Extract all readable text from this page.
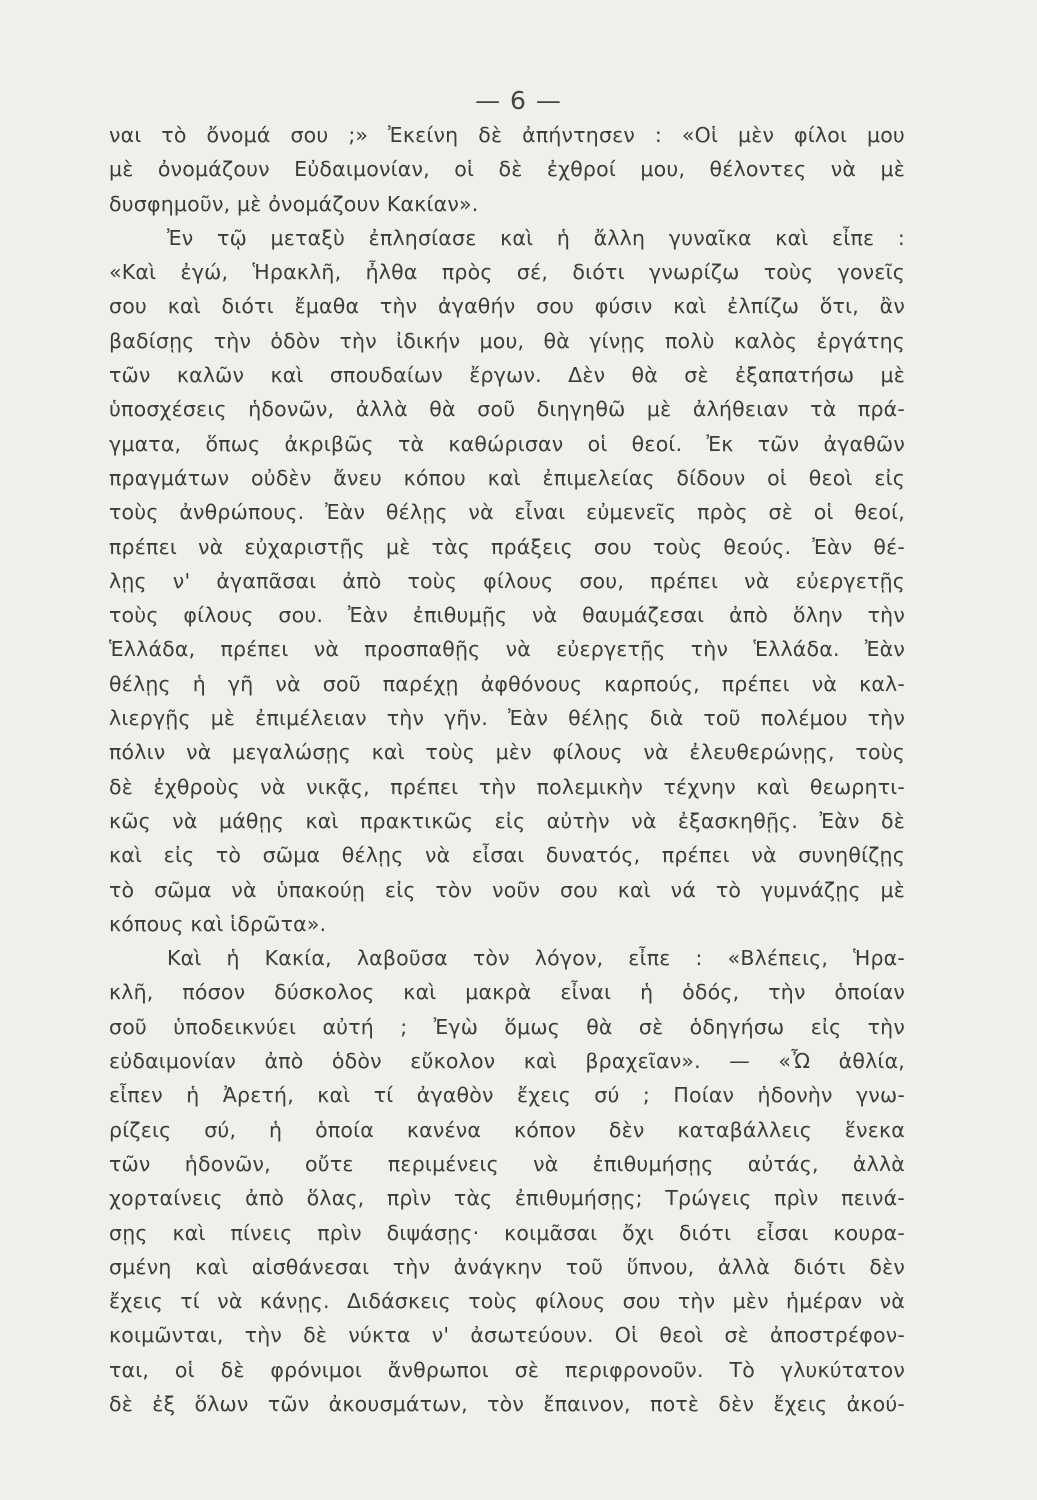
— 6 —
ναι τὸ ὄνομά σου ;» Ἐκείνη δὲ ἀπήντησεν : «Οἱ μὲν φίλοι μου
μὲ ὀνομάζουν Εὐδαιμονίαν, οἱ δὲ ἐχθροί μου, θέλοντες νὰ μὲ
δυσφημοῦν, μὲ ὀνομάζουν Κακίαν».
Ἐν τῷ μεταξὺ ἐπλησίασε καὶ ἡ ἄλλη γυναῖκα καὶ εἶπε :
«Καὶ ἐγώ, Ἡρακλῆ, ἦλθα πρὸς σέ, διότι γνωρίζω τοὺς γονεῖς
σου καὶ διότι ἔμαθα τὴν ἀγαθήν σου φύσιν καὶ ἐλπίζω ὅτι, ἂν
βαδίσῃς τὴν ὁδὸν τὴν ἰδικήν μου, θὰ γίνῃς πολὺ καλὸς ἐργάτης
τῶν καλῶν καὶ σπουδαίων ἔργων. Δὲν θὰ σὲ ἐξαπατήσω μὲ
ὑποσχέσεις ἡδονῶν, ἀλλὰ θὰ σοῦ διηγηθῶ μὲ ἀλήθειαν τὰ πρά-
γματα, ὅπως ἀκριβῶς τὰ καθώρισαν οἱ θεοί. Ἐκ τῶν ἀγαθῶν
πραγμάτων οὐδὲν ἄνευ κόπου καὶ ἐπιμελείας δίδουν οἱ θεοὶ εἰς
τοὺς ἀνθρώπους. Ἐὰν θέλῃς νὰ εἶναι εὐμενεῖς πρὸς σὲ οἱ θεοί,
πρέπει νὰ εὐχαριστῇς μὲ τὰς πράξεις σου τοὺς θεούς. Ἐὰν θέ-
λῃς ν' ἀγαπᾶσαι ἀπὸ τοὺς φίλους σου, πρέπει νὰ εὐεργετῇς
τοὺς φίλους σου. Ἐὰν ἐπιθυμῇς νὰ θαυμάζεσαι ἀπὸ ὅλην τὴν
Ἑλλάδα, πρέπει νὰ προσπαθῇς νὰ εὐεργετῇς τὴν Ἑλλάδα. Ἐὰν
θέλῃς ἡ γῆ νὰ σοῦ παρέχῃ ἀφθόνους καρπούς, πρέπει νὰ καλ-
λιεργῇς μὲ ἐπιμέλειαν τὴν γῆν. Ἐὰν θέλῃς διὰ τοῦ πολέμου τὴν
πόλιν νὰ μεγαλώσῃς καὶ τοὺς μὲν φίλους νὰ ἐλευθερώνῃς, τοὺς
δὲ ἐχθροὺς νὰ νικᾷς, πρέπει τὴν πολεμικὴν τέχνην καὶ θεωρητι-
κῶς νὰ μάθῃς καὶ πρακτικῶς εἰς αὐτὴν νὰ ἐξασκηθῇς. Ἐὰν δὲ
καὶ εἰς τὸ σῶμα θέλῃς νὰ εἶσαι δυνατός, πρέπει νὰ συνηθίζῃς
τὸ σῶμα νὰ ὑπακούῃ εἰς τὸν νοῦν σου καὶ νά τὸ γυμνάζῃς μὲ
κόπους καὶ ἱδρῶτα».
Καὶ ἡ Κακία, λαβοῦσα τὸν λόγον, εἶπε : «Βλέπεις, Ἡρα-
κλῆ, πόσον δύσκολος καὶ μακρὰ εἶναι ἡ ὁδός, τὴν ὁποίαν
σοῦ ὑποδεικνύει αὐτή ; Ἐγὼ ὅμως θὰ σὲ ὁδηγήσω εἰς τὴν
εὐδαιμονίαν ἀπὸ ὁδὸν εὔκολον καὶ βραχεῖαν». — «Ὦ ἀθλία,
εἶπεν ἡ Ἀρετή, καὶ τί ἀγαθὸν ἔχεις σύ ; Ποίαν ἡδονὴν γνω-
ρίζεις σύ, ἡ ὁποία κανένα κόπον δὲν καταβάλλεις ἕνεκα
τῶν ἡδονῶν, οὔτε περιμένεις νὰ ἐπιθυμήσῃς αὐτάς, ἀλλὰ
χορταίνεις ἀπὸ ὅλας, πρὶν τὰς ἐπιθυμήσῃς; Τρώγεις πρὶν πεινά-
σῃς καὶ πίνεις πρὶν διψάσῃς· κοιμᾶσαι ὄχι διότι εἶσαι κουρα-
σμένη καὶ αἰσθάνεσαι τὴν ἀνάγκην τοῦ ὕπνου, ἀλλὰ διότι δὲν
ἔχεις τί νὰ κάνῃς. Διδάσκεις τοὺς φίλους σου τὴν μὲν ἡμέραν νὰ
κοιμῶνται, τὴν δὲ νύκτα ν' ἀσωτεύουν. Οἱ θεοὶ σὲ ἀποστρέφον-
ται, οἱ δὲ φρόνιμοι ἄνθρωποι σὲ περιφρονοῦν. Τὸ γλυκύτατον
δὲ ἐξ ὅλων τῶν ἀκουσμάτων, τὸν ἔπαινον, ποτὲ δὲν ἔχεις ἀκού-
